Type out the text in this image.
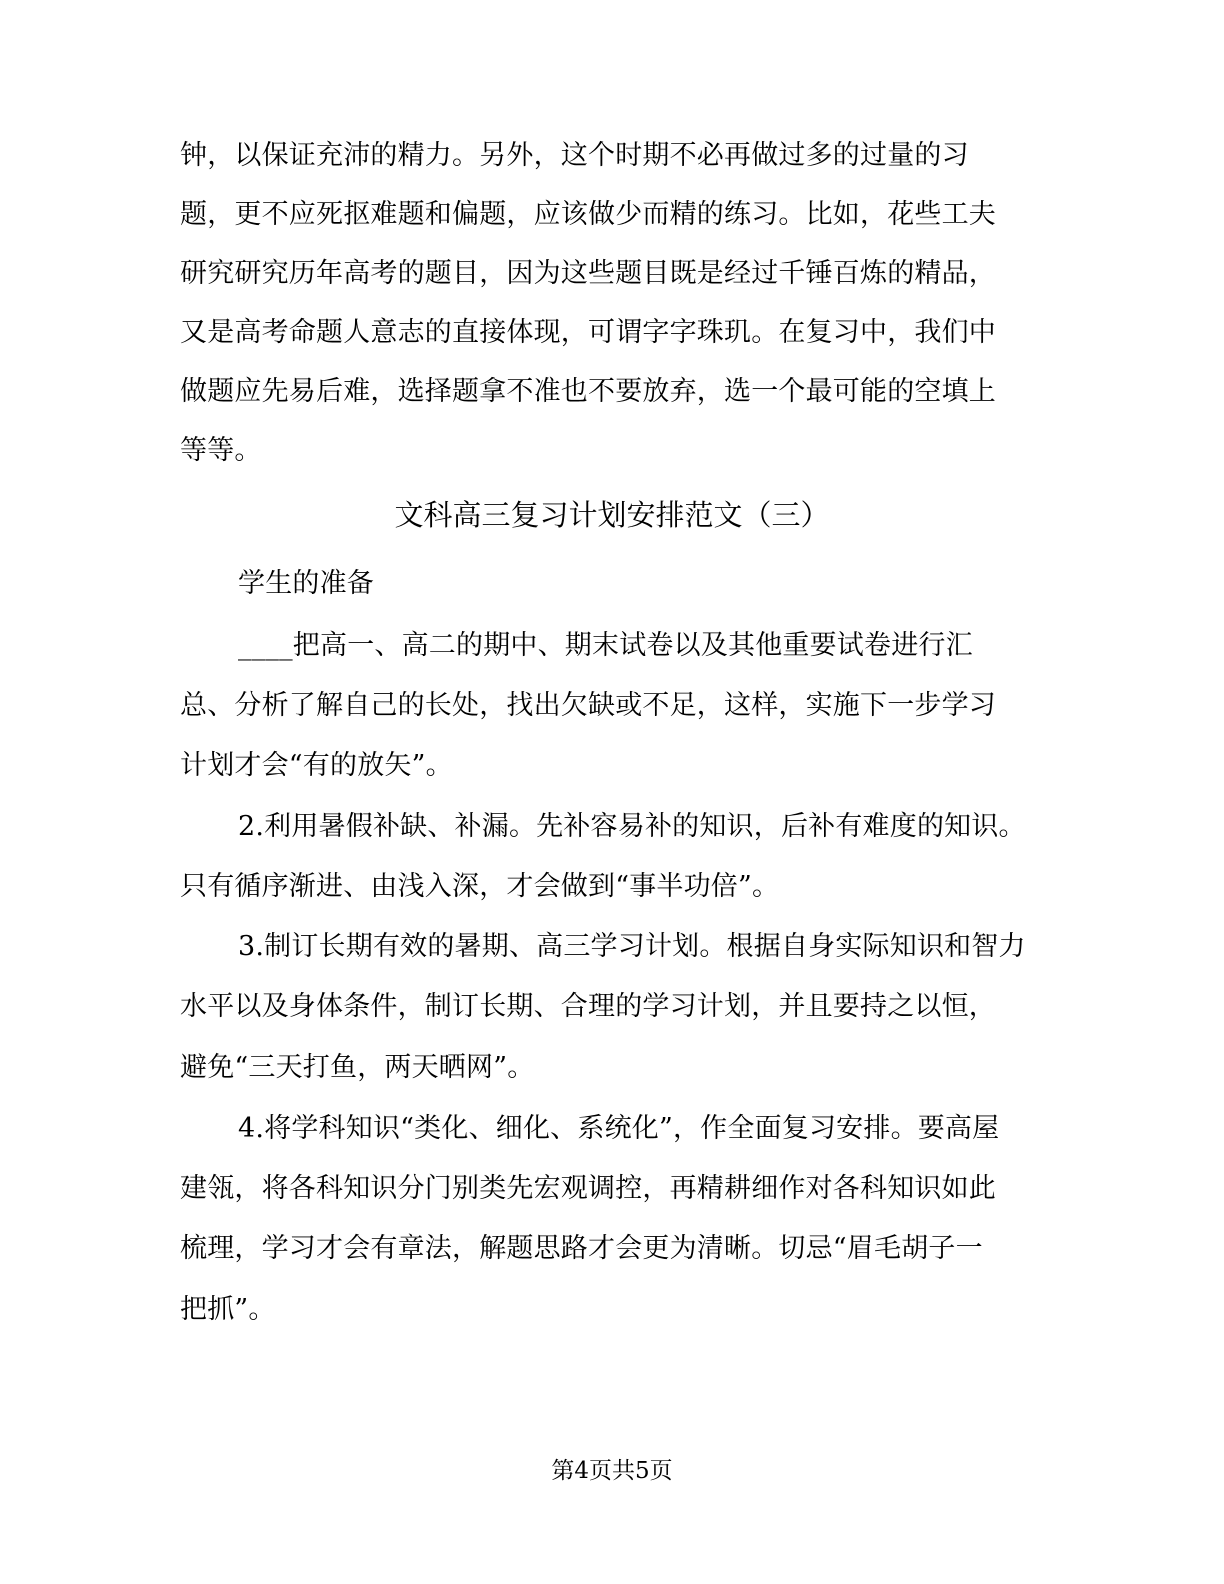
钟，以保证充沛的精力。另外，这个时期不必再做过多的过量的习
题，更不应死抠难题和偏题，应该做少而精的练习。比如，花些工夫
研究研究历年高考的题目，因为这些题目既是经过千锤百炼的精品，
又是高考命题人意志的直接体现，可谓字字珠玑。在复习中，我们中
做题应先易后难，选择题拿不准也不要放弃，选一个最可能的空填上
等等。
文科高三复习计划安排范文（三）
学生的准备
____把高一、高二的期中、期末试卷以及其他重要试卷进行汇
总、分析了解自己的长处，找出欠缺或不足，这样，实施下一步学习
计划才会“有的放矢”。
2.利用暑假补缺、补漏。先补容易补的知识，后补有难度的知识。
只有循序渐进、由浅入深，才会做到“事半功倍”。
3.制订长期有效的暑期、高三学习计划。根据自身实际知识和智力
水平以及身体条件，制订长期、合理的学习计划，并且要持之以恒，
避免“三天打鱼，两天晒网”。
4.将学科知识“类化、细化、系统化”，作全面复习安排。要高屋
建瓴，将各科知识分门别类先宏观调控，再精耕细作对各科知识如此
梳理，学习才会有章法，解题思路才会更为清晰。切忌“眉毛胡子一
把抓”。
第4页共5页
